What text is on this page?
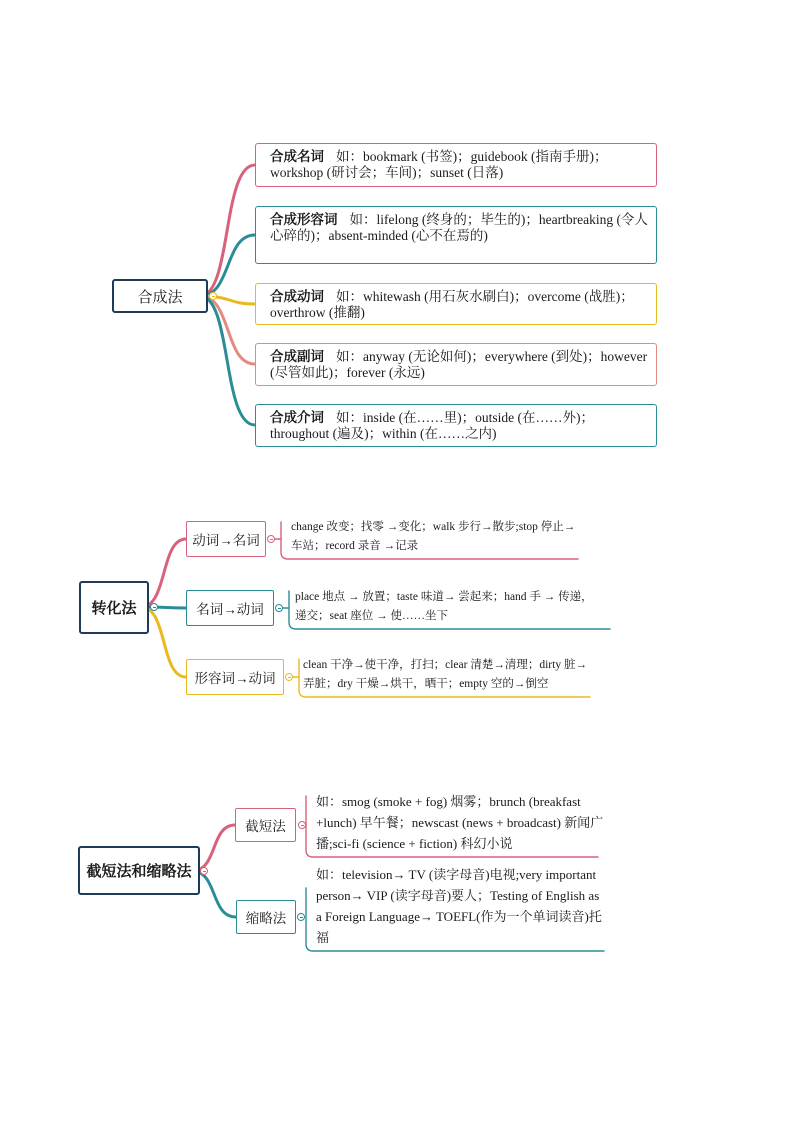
合成法
合成名词 如：bookmark (书签)；guidebook (指南手册)；workshop (研讨会；车间)；sunset (日落)
合成形容词 如：lifelong (终身的；毕生的)；heartbreaking (令人心碎的)；absent-minded (心不在焉的)
合成动词 如：whitewash (用石灰水刷白)；overcome (战胜)；overthrow (推翻)
合成副词 如：anyway (无论如何)；everywhere (到处)；however (尽管如此)；forever (永远)
合成介词 如：inside (在……里)；outside (在……外)；throughout (遍及)；within (在……之内)
转化法
动词→名词
名词→动词
形容词→动词
change 改变；找零 →变化；walk 步行→散步;stop 停止→车站；record 录音 →记录
place 地点 → 放置；taste 味道→ 尝起来；hand 手 → 传递，递交；seat 座位 → 使……坐下
clean 干净→使干净，打扫；clear 清楚→清理；dirty 脏→弄脏；dry 干燥→烘干，晒干；empty 空的→倒空
截短法和缩略法
截短法
缩略法
如：smog (smoke + fog) 烟雾；brunch (breakfast +lunch) 早午餐；newscast (news + broadcast) 新闻广播;sci-fi (science + fiction) 科幻小说
如：television→ TV (读字母音)电视;very important person→ VIP (读字母音)要人；Testing of English as a Foreign Language→ TOEFL(作为一个单词读音)托福
